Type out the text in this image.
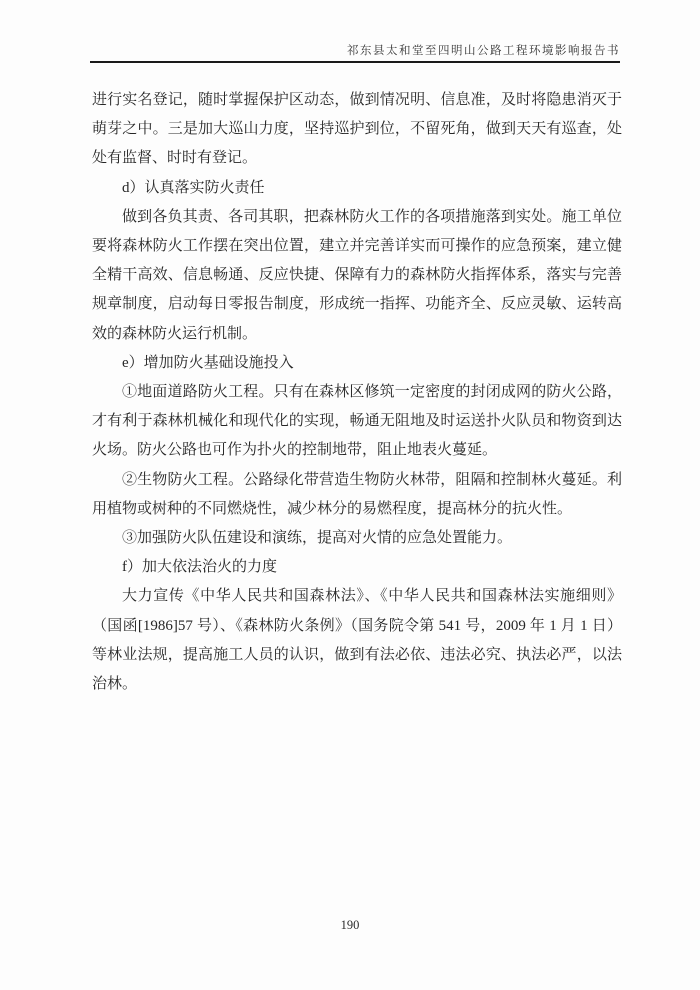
祁东县太和堂至四明山公路工程环境影响报告书

进行实名登记，随时掌握保护区动态，做到情况明、信息准，及时将隐患消灭于萌芽之中。三是加大巡山力度，坚持巡护到位，不留死角，做到天天有巡查，处处有监督、时时有登记。

d）认真落实防火责任

做到各负其责、各司其职，把森林防火工作的各项措施落到实处。施工单位要将森林防火工作摆在突出位置，建立并完善详实而可操作的应急预案，建立健全精干高效、信息畅通、反应快捷、保障有力的森林防火指挥体系，落实与完善规章制度，启动每日零报告制度，形成统一指挥、功能齐全、反应灵敏、运转高效的森林防火运行机制。

e）增加防火基础设施投入

①地面道路防火工程。只有在森林区修筑一定密度的封闭成网的防火公路，才有利于森林机械化和现代化的实现，畅通无阻地及时运送扑火队员和物资到达火场。防火公路也可作为扑火的控制地带，阻止地表火蔓延。

②生物防火工程。公路绿化带营造生物防火林带，阻隔和控制林火蔓延。利用植物或树种的不同燃烧性，减少林分的易燃程度，提高林分的抗火性。

③加强防火队伍建设和演练，提高对火情的应急处置能力。

f）加大依法治火的力度

大力宣传《中华人民共和国森林法》、《中华人民共和国森林法实施细则》（国函[1986]57 号）、《森林防火条例》（国务院令第 541 号，2009 年 1 月 1 日）等林业法规，提高施工人员的认识，做到有法必依、违法必究、执法必严，以法治林。

190
